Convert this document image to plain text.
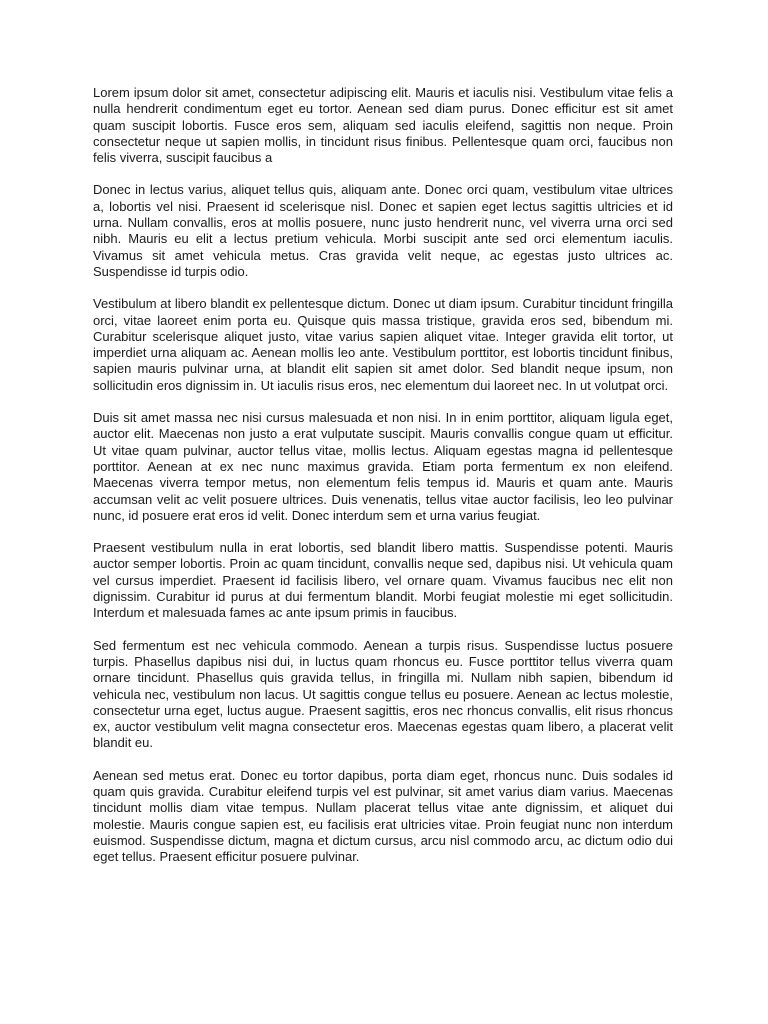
Lorem ipsum dolor sit amet, consectetur adipiscing elit. Mauris et iaculis nisi. Vestibulum vitae felis a nulla hendrerit condimentum eget eu tortor. Aenean sed diam purus. Donec efficitur est sit amet quam suscipit lobortis. Fusce eros sem, aliquam sed iaculis eleifend, sagittis non neque. Proin consectetur neque ut sapien mollis, in tincidunt risus finibus. Pellentesque quam orci, faucibus non felis viverra, suscipit faucibus a

Donec in lectus varius, aliquet tellus quis, aliquam ante. Donec orci quam, vestibulum vitae ultrices a, lobortis vel nisi. Praesent id scelerisque nisl. Donec et sapien eget lectus sagittis ultricies et id urna. Nullam convallis, eros at mollis posuere, nunc justo hendrerit nunc, vel viverra urna orci sed nibh. Mauris eu elit a lectus pretium vehicula. Morbi suscipit ante sed orci elementum iaculis. Vivamus sit amet vehicula metus. Cras gravida velit neque, ac egestas justo ultrices ac. Suspendisse id turpis odio.

Vestibulum at libero blandit ex pellentesque dictum. Donec ut diam ipsum. Curabitur tincidunt fringilla orci, vitae laoreet enim porta eu. Quisque quis massa tristique, gravida eros sed, bibendum mi. Curabitur scelerisque aliquet justo, vitae varius sapien aliquet vitae. Integer gravida elit tortor, ut imperdiet urna aliquam ac. Aenean mollis leo ante. Vestibulum porttitor, est lobortis tincidunt finibus, sapien mauris pulvinar urna, at blandit elit sapien sit amet dolor. Sed blandit neque ipsum, non sollicitudin eros dignissim in. Ut iaculis risus eros, nec elementum dui laoreet nec. In ut volutpat orci.

Duis sit amet massa nec nisi cursus malesuada et non nisi. In in enim porttitor, aliquam ligula eget, auctor elit. Maecenas non justo a erat vulputate suscipit. Mauris convallis congue quam ut efficitur. Ut vitae quam pulvinar, auctor tellus vitae, mollis lectus. Aliquam egestas magna id pellentesque porttitor. Aenean at ex nec nunc maximus gravida. Etiam porta fermentum ex non eleifend. Maecenas viverra tempor metus, non elementum felis tempus id. Mauris et quam ante. Mauris accumsan velit ac velit posuere ultrices. Duis venenatis, tellus vitae auctor facilisis, leo leo pulvinar nunc, id posuere erat eros id velit. Donec interdum sem et urna varius feugiat.

Praesent vestibulum nulla in erat lobortis, sed blandit libero mattis. Suspendisse potenti. Mauris auctor semper lobortis. Proin ac quam tincidunt, convallis neque sed, dapibus nisi. Ut vehicula quam vel cursus imperdiet. Praesent id facilisis libero, vel ornare quam. Vivamus faucibus nec elit non dignissim. Curabitur id purus at dui fermentum blandit. Morbi feugiat molestie mi eget sollicitudin. Interdum et malesuada fames ac ante ipsum primis in faucibus.

Sed fermentum est nec vehicula commodo. Aenean a turpis risus. Suspendisse luctus posuere turpis. Phasellus dapibus nisi dui, in luctus quam rhoncus eu. Fusce porttitor tellus viverra quam ornare tincidunt. Phasellus quis gravida tellus, in fringilla mi. Nullam nibh sapien, bibendum id vehicula nec, vestibulum non lacus. Ut sagittis congue tellus eu posuere. Aenean ac lectus molestie, consectetur urna eget, luctus augue. Praesent sagittis, eros nec rhoncus convallis, elit risus rhoncus ex, auctor vestibulum velit magna consectetur eros. Maecenas egestas quam libero, a placerat velit blandit eu.

Aenean sed metus erat. Donec eu tortor dapibus, porta diam eget, rhoncus nunc. Duis sodales id quam quis gravida. Curabitur eleifend turpis vel est pulvinar, sit amet varius diam varius. Maecenas tincidunt mollis diam vitae tempus. Nullam placerat tellus vitae ante dignissim, et aliquet dui molestie. Mauris congue sapien est, eu facilisis erat ultricies vitae. Proin feugiat nunc non interdum euismod. Suspendisse dictum, magna et dictum cursus, arcu nisl commodo arcu, ac dictum odio dui eget tellus. Praesent efficitur posuere pulvinar.
